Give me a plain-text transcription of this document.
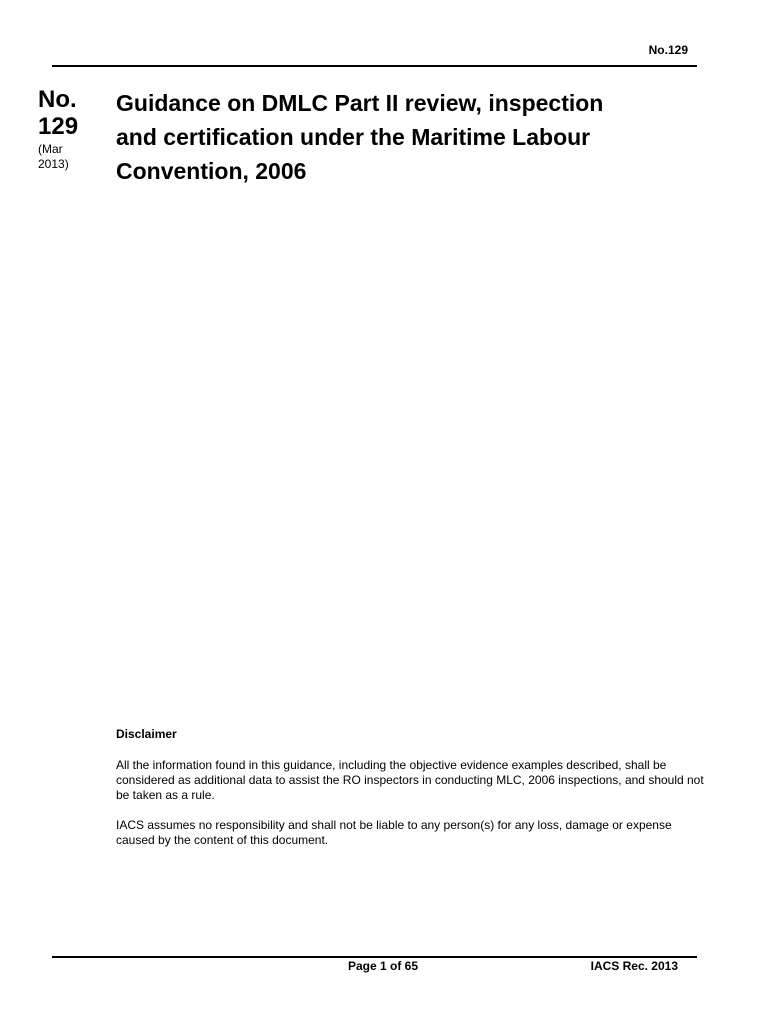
No.129
No.
129
(Mar
2013)
Guidance on DMLC Part II review, inspection
and certification under the Maritime Labour
Convention, 2006
Disclaimer

All the information found in this guidance, including the objective evidence examples described, shall be considered as additional data to assist the RO inspectors in conducting MLC, 2006 inspections, and should not be taken as a rule.

IACS assumes no responsibility and shall not be liable to any person(s) for any loss, damage or expense caused by the content of this document.

Page 1 of 65	IACS Rec. 2013
